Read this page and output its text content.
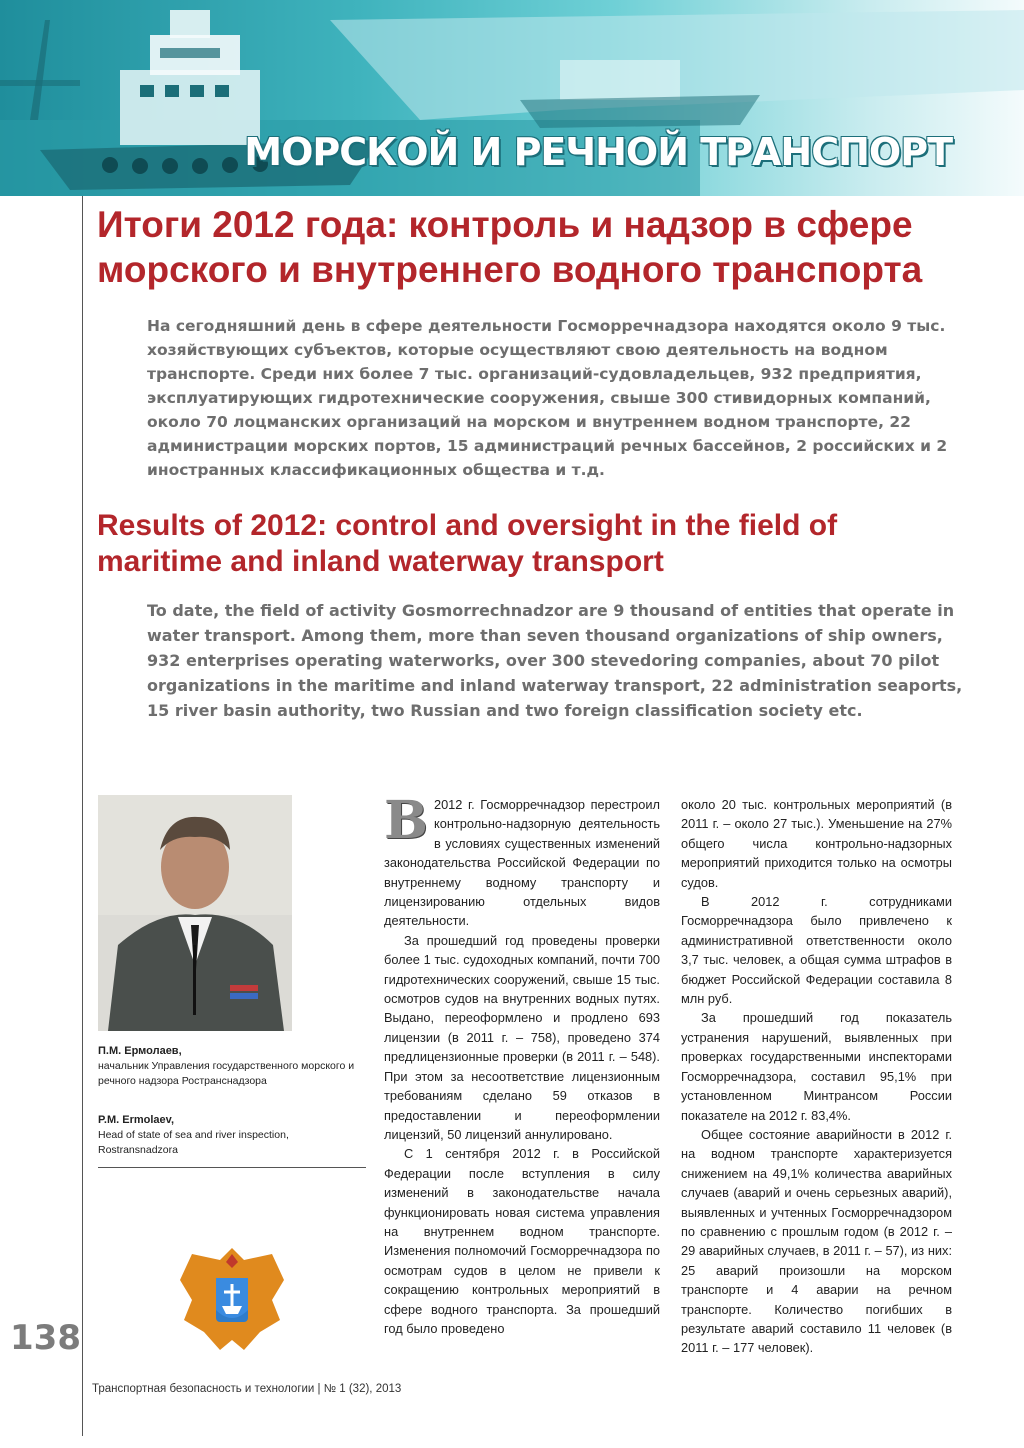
МОРСКОЙ И РЕЧНОЙ ТРАНСПОРТ
Итоги 2012 года: контроль и надзор в сфере морского и внутреннего водного транспорта
На сегодняшний день в сфере деятельности Госморречнадзора находятся около 9 тыс. хозяйствующих субъектов, которые осуществляют свою деятельность на водном транспорте. Среди них более 7 тыс. организаций-судовладельцев, 932 предприятия, эксплуатирующих гидротехнические сооружения, свыше 300 стивидорных компаний, около 70 лоцманских организаций на морском и внутреннем водном транспорте, 22 администрации морских портов, 15 администраций речных бассейнов, 2 российских и 2 иностранных классификационных общества и т.д.
Results of 2012: control and oversight in the field of maritime and inland waterway transport
To date, the field of activity Gosmorrechnadzor are 9 thousand of entities that operate in water transport. Among them, more than seven thousand organizations of ship owners, 932 enterprises operating waterworks, over 300 stevedoring companies, about 70 pilot organizations in the maritime and inland waterway transport, 22 administration seaports, 15 river basin authority, two Russian and two foreign classification society etc.
П.М. Ермолаев,
начальник Управления государственного морского и речного надзора Ространснадзора
P.M. Ermolaev,
Head of state of sea and river inspection, Rostransnadzora
138
В 2012 г. Госморречнадзор перестроил контрольно-надзорную деятельность в условиях существенных изменений законодательства Российской Федерации по внутреннему водному транспорту и лицензированию отдельных видов деятельности.

За прошедший год проведены проверки более 1 тыс. судоходных компаний, почти 700 гидротехнических сооружений, свыше 15 тыс. осмотров судов на внутренних водных путях. Выдано, переоформлено и продлено 693 лицензии (в 2011 г. – 758), проведено 374 предлицензионные проверки (в 2011 г. – 548). При этом за несоответствие лицензионным требованиям сделано 59 отказов в предоставлении и переоформлении лицензий, 50 лицензий аннулировано.

С 1 сентября 2012 г. в Российской Федерации после вступления в силу изменений в законодательстве начала функционировать новая система управления на внутреннем водном транспорте. Изменения полномочий Госморречнадзора по осмотрам судов в целом не привели к сокращению контрольных мероприятий в сфере водного транспорта. За прошедший год было проведено

около 20 тыс. контрольных мероприятий (в 2011 г. – около 27 тыс.). Уменьшение на 27% общего числа контрольно-надзорных мероприятий приходится только на осмотры судов.

В 2012 г. сотрудниками Госморречнадзора было привлечено к административной ответственности около 3,7 тыс. человек, а общая сумма штрафов в бюджет Российской Федерации составила 8 млн руб.

За прошедший год показатель устранения нарушений, выявленных при проверках государственными инспекторами Госморречнадзора, составил 95,1% при установленном Минтрансом России показателе на 2012 г. 83,4%.

Общее состояние аварийности в 2012 г. на водном транспорте характеризуется снижением на 49,1% количества аварийных случаев (аварий и очень серьезных аварий), выявленных и учтенных Госморречнадзором по сравнению с прошлым годом (в 2012 г. – 29 аварийных случаев, в 2011 г. – 57), из них: 25 аварий произошли на морском транспорте и 4 аварии на речном транспорте. Количество погибших в результате аварий составило 11 человек (в 2011 г. – 177 человек).

Транспортная безопасность и технологии | № 1 (32), 2013
